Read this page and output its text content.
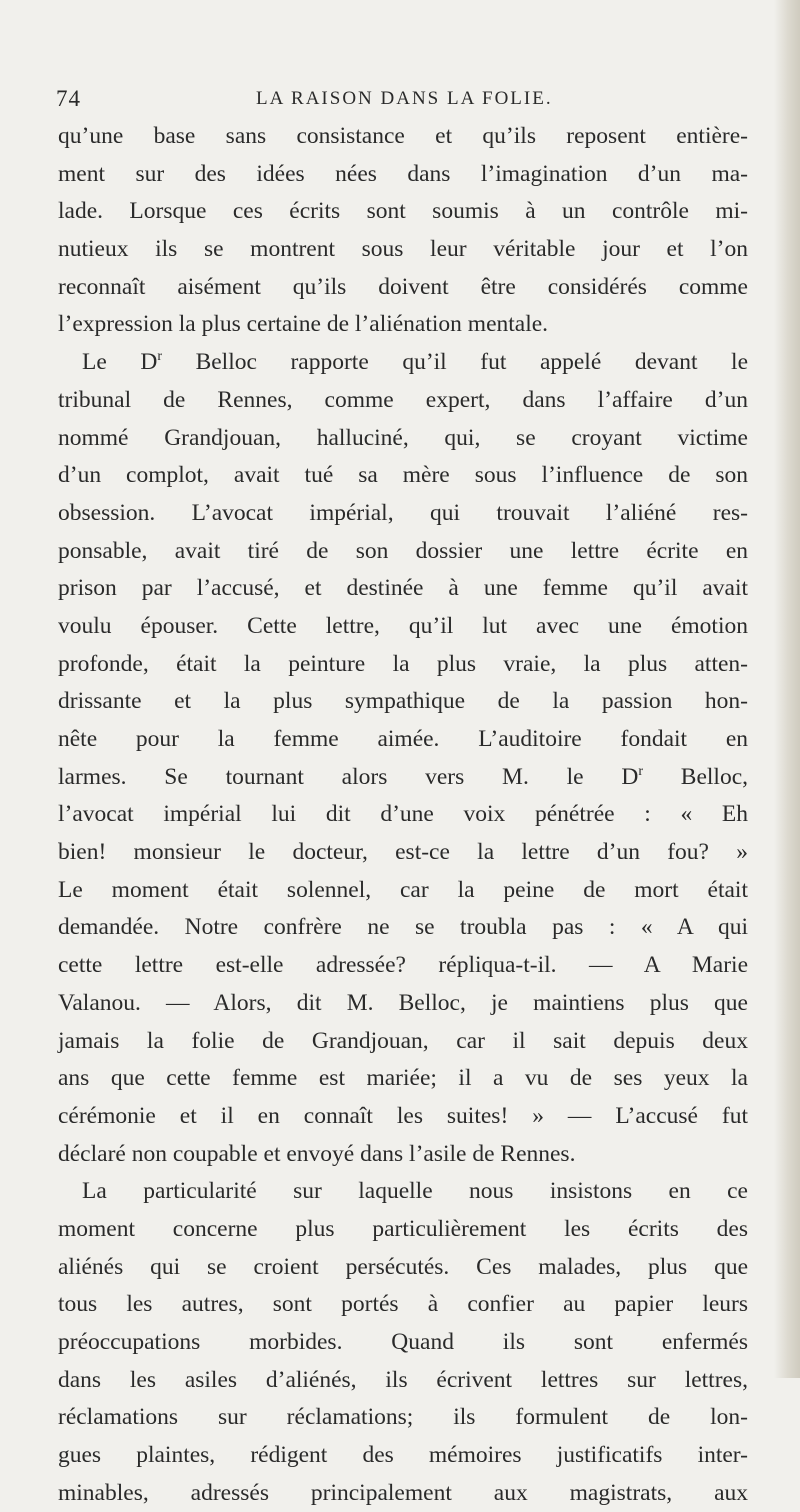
74	LA RAISON DANS LA FOLIE.
qu’une base sans consistance et qu’ils reposent entière-
ment sur des idées nées dans l’imagination d’un ma-
lade. Lorsque ces écrits sont soumis à un contrôle mi-
nutieux ils se montrent sous leur véritable jour et l’on
reconnaît aisément qu’ils doivent être considérés comme
l’expression la plus certaine de l’aliénation mentale.
Le $D^r$ Belloc rapporte qu’il fut appelé devant le
tribunal de Rennes, comme expert, dans l’affaire d’un
nommé Grandjouan, halluciné, qui, se croyant victime
d’un complot, avait tué sa mère sous l’influence de son
obsession. L’avocat impérial, qui trouvait l’aliéné res-
ponsable, avait tiré de son dossier une lettre écrite en
prison par l’accusé, et destinée à une femme qu’il avait
voulu épouser. Cette lettre, qu’il lut avec une émotion
profonde, était la peinture la plus vraie, la plus atten-
drissante et la plus sympathique de la passion hon-
nête pour la femme aimée. L’auditoire fondait en
larmes. Se tournant alors vers M. le $D^r$ Belloc,
l’avocat impérial lui dit d’une voix pénétrée : « Eh
bien! monsieur le docteur, est-ce la lettre d’un fou? »
Le moment était solennel, car la peine de mort était
demandée. Notre confrère ne se troubla pas : « A qui
cette lettre est-elle adressée? répliqua-t-il. — A Marie
Valanou. — Alors, dit M. Belloc, je maintiens plus que
jamais la folie de Grandjouan, car il sait depuis deux
ans que cette femme est mariée; il a vu de ses yeux la
cérémonie et il en connaît les suites! » — L’accusé fut
déclaré non coupable et envoyé dans l’asile de Rennes.
La particularité sur laquelle nous insistons en ce
moment concerne plus particulièrement les écrits des
aliénés qui se croient persécutés. Ces malades, plus que
tous les autres, sont portés à confier au papier leurs
préoccupations morbides. Quand ils sont enfermés
dans les asiles d’aliénés, ils écrivent lettres sur lettres,
réclamations sur réclamations; ils formulent de lon-
gues plaintes, rédigent des mémoires justificatifs inter-
minables, adressés principalement aux magistrats, aux
